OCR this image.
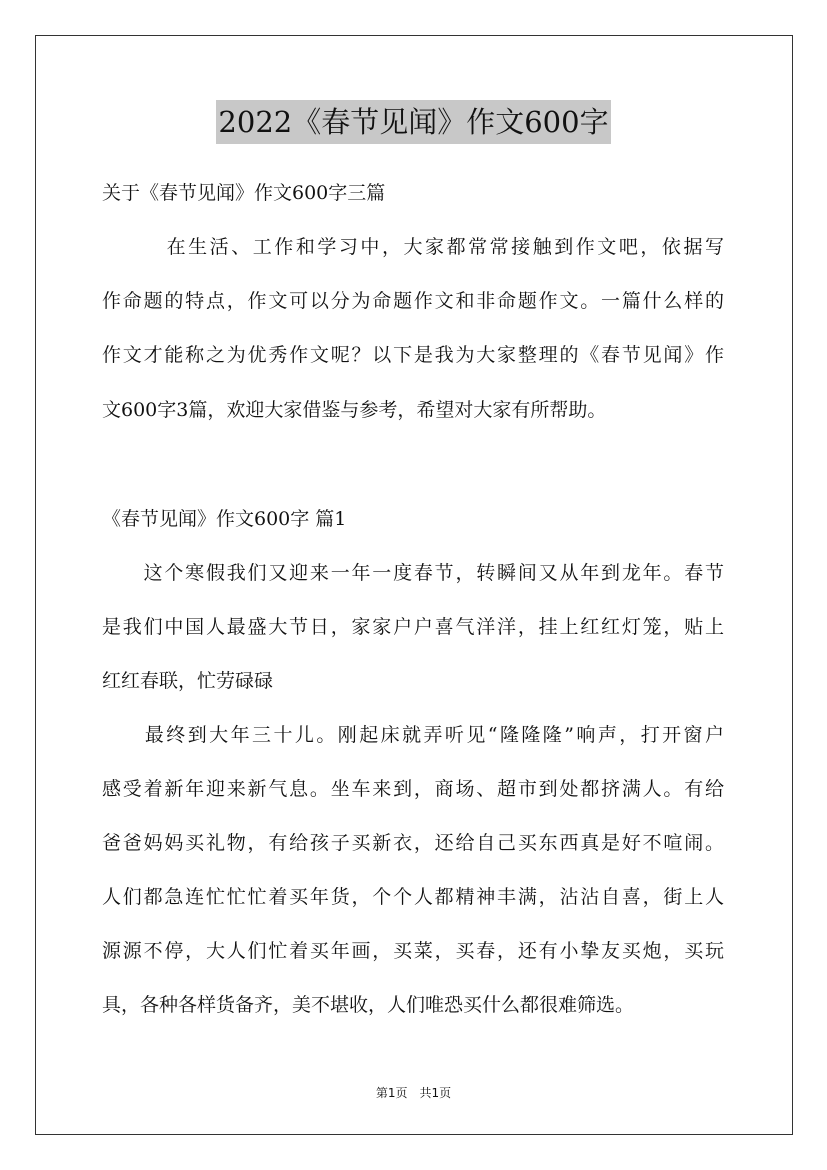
2022《春节见闻》作文600字
关于《春节见闻》作文600字三篇
　　　在生活、工作和学习中，大家都常常接触到作文吧，依据写
作命题的特点，作文可以分为命题作文和非命题作文。一篇什么样的
作文才能称之为优秀作文呢？以下是我为大家整理的《春节见闻》作
文600字3篇，欢迎大家借鉴与参考，希望对大家有所帮助。
《春节见闻》作文600字 篇1
　　这个寒假我们又迎来一年一度春节，转瞬间又从年到龙年。春节
是我们中国人最盛大节日，家家户户喜气洋洋，挂上红红灯笼，贴上
红红春联，忙劳碌碌
　　最终到大年三十儿。刚起床就弄听见“隆隆隆”响声，打开窗户
感受着新年迎来新气息。坐车来到，商场、超市到处都挤满人。有给
爸爸妈妈买礼物，有给孩子买新衣，还给自己买东西真是好不喧闹。
人们都急连忙忙忙着买年货，个个人都精神丰满，沾沾自喜，街上人
源源不停，大人们忙着买年画，买菜，买春，还有小挚友买炮，买玩
具，各种各样货备齐，美不堪收，人们唯恐买什么都很难筛选。
第1页　共1页
